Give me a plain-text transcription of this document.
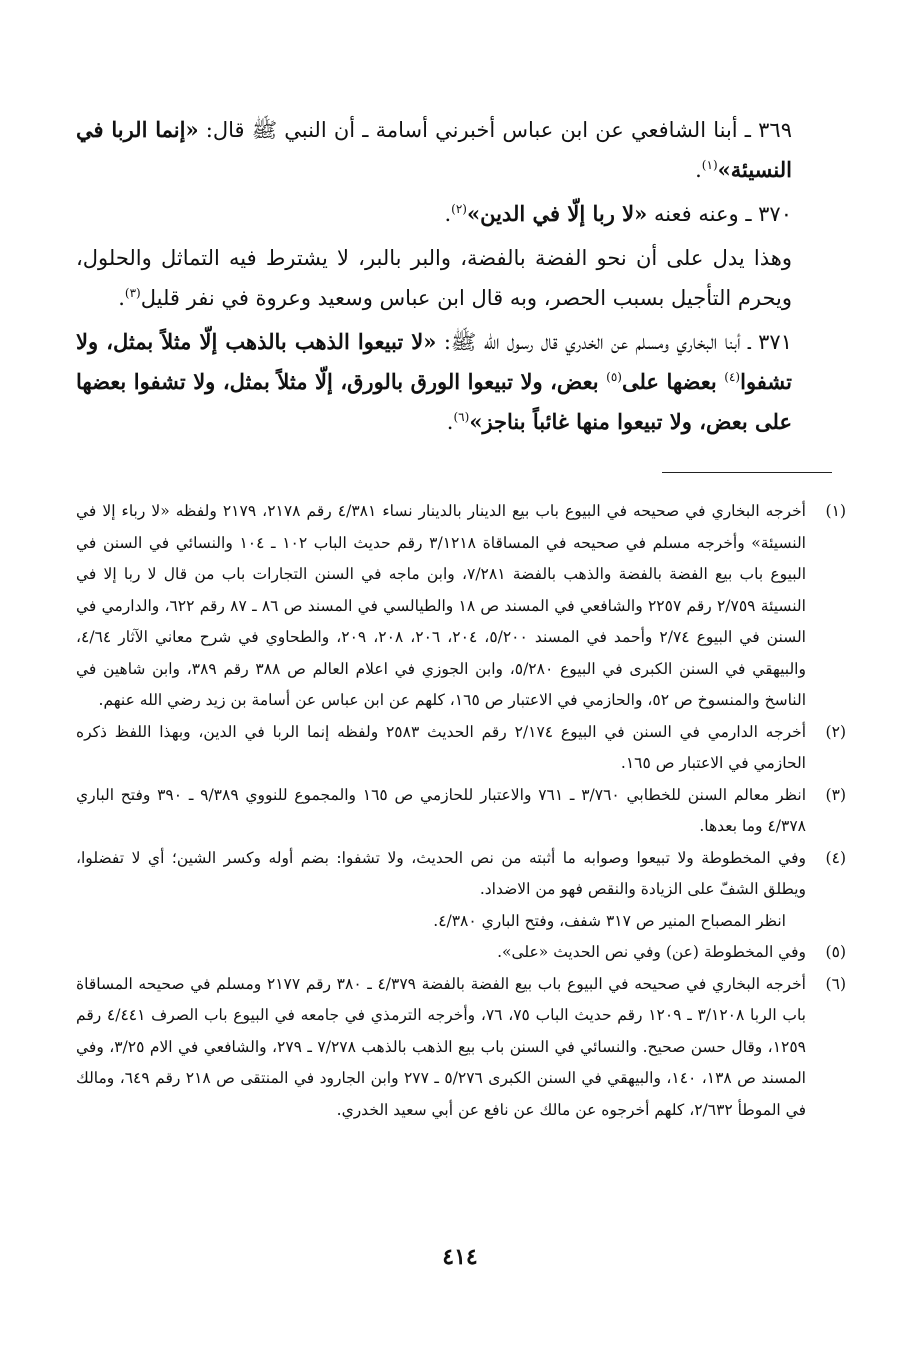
٣٦٩ ـ أبنا الشافعي عن ابن عباس أخبرني أسامة ـ أن النبي ﷺ قال: «إنما الربا في النسيئة»$^{(١)}$.

٣٧٠ ـ وعنه فعنه «لا ربا إلّا في الدين»$^{(٢)}$.

وهذا يدل على أن نحو الفضة بالفضة، والبر بالبر، لا يشترط فيه التماثل والحلول، ويحرم التأجيل بسبب الحصر، وبه قال ابن عباس وسعيد وعروة في نفر قليل$^{(٣)}$.

٣٧١ ـ أبنا البخاري ومسلم عن الخدري قال رسول الله ﷺ: «لا تبيعوا الذهب بالذهب إلّا مثلاً بمثل، ولا تشفوا$^{(٤)}$ بعضها على$^{(٥)}$ بعض، ولا تبيعوا الورق بالورق، إلّا مثلاً بمثل، ولا تشفوا بعضها على بعض، ولا تبيعوا منها غائباً بناجز»$^{(٦)}$.

(١)
أخرجه البخاري في صحيحه في البيوع باب بيع الدينار بالدينار نساء ٤/٣٨١ رقم ٢١٧٨، ٢١٧٩ ولفظه «لا رباء إلا في النسيئة» وأخرجه مسلم في صحيحه في المساقاة ٣/١٢١٨ رقم حديث الباب ١٠٢ ـ ١٠٤ والنسائي في السنن في البيوع باب بيع الفضة بالفضة والذهب بالفضة ٧/٢٨١، وابن ماجه في السنن التجارات باب من قال لا ربا إلا في النسيئة ٢/٧٥٩ رقم ٢٢٥٧ والشافعي في المسند ص ١٨ والطيالسي في المسند ص ٨٦ ـ ٨٧ رقم ٦٢٢، والدارمي في السنن في البيوع ٢/٧٤ وأحمد في المسند ٥/٢٠٠، ٢٠٤، ٢٠٦، ٢٠٨، ٢٠٩، والطحاوي في شرح معاني الآثار ٤/٦٤، والبيهقي في السنن الكبرى في البيوع ٥/٢٨٠، وابن الجوزي في اعلام العالم ص ٣٨٨ رقم ٣٨٩، وابن شاهين في الناسخ والمنسوخ ص ٥٢، والحازمي في الاعتبار ص ١٦٥، كلهم عن ابن عباس عن أسامة بن زيد رضي الله عنهم.
(٢)
أخرجه الدارمي في السنن في البيوع ٢/١٧٤ رقم الحديث ٢٥٨٣ ولفظه إنما الربا في الدين، وبهذا اللفظ ذكره الحازمي في الاعتبار ص ١٦٥.
(٣)
انظر معالم السنن للخطابي ٣/٧٦٠ ـ ٧٦١ والاعتبار للحازمي ص ١٦٥ والمجموع للنووي ٩/٣٨٩ ـ ٣٩٠ وفتح الباري ٤/٣٧٨ وما بعدها.
(٤)
وفي المخطوطة ولا تبيعوا وصوابه ما أثبته من نص الحديث، ولا تشفوا: بضم أوله وكسر الشين؛ أي لا تفضلوا، ويطلق الشفّ على الزيادة والنقص فهو من الاضداد.
انظر المصباح المنير ص ٣١٧ شفف، وفتح الباري ٤/٣٨٠.
(٥)
وفي المخطوطة (عن) وفي نص الحديث «على».
(٦)
أخرجه البخاري في صحيحه في البيوع باب بيع الفضة بالفضة ٤/٣٧٩ ـ ٣٨٠ رقم ٢١٧٧ ومسلم في صحيحه المساقاة باب الربا ٣/١٢٠٨ ـ ١٢٠٩ رقم حديث الباب ٧٥، ٧٦، وأخرجه الترمذي في جامعه في البيوع باب الصرف ٤/٤٤١ رقم ١٢٥٩، وقال حسن صحيح. والنسائي في السنن باب بيع الذهب بالذهب ٧/٢٧٨ ـ ٢٧٩، والشافعي في الام ٣/٢٥، وفي المسند ص ١٣٨، ١٤٠، والبيهقي في السنن الكبرى ٥/٢٧٦ ـ ٢٧٧ وابن الجارود في المنتقى ص ٢١٨ رقم ٦٤٩، ومالك في الموطأ ٢/٦٣٢، كلهم أخرجوه عن مالك عن نافع عن أبي سعيد الخدري.
٤١٤
